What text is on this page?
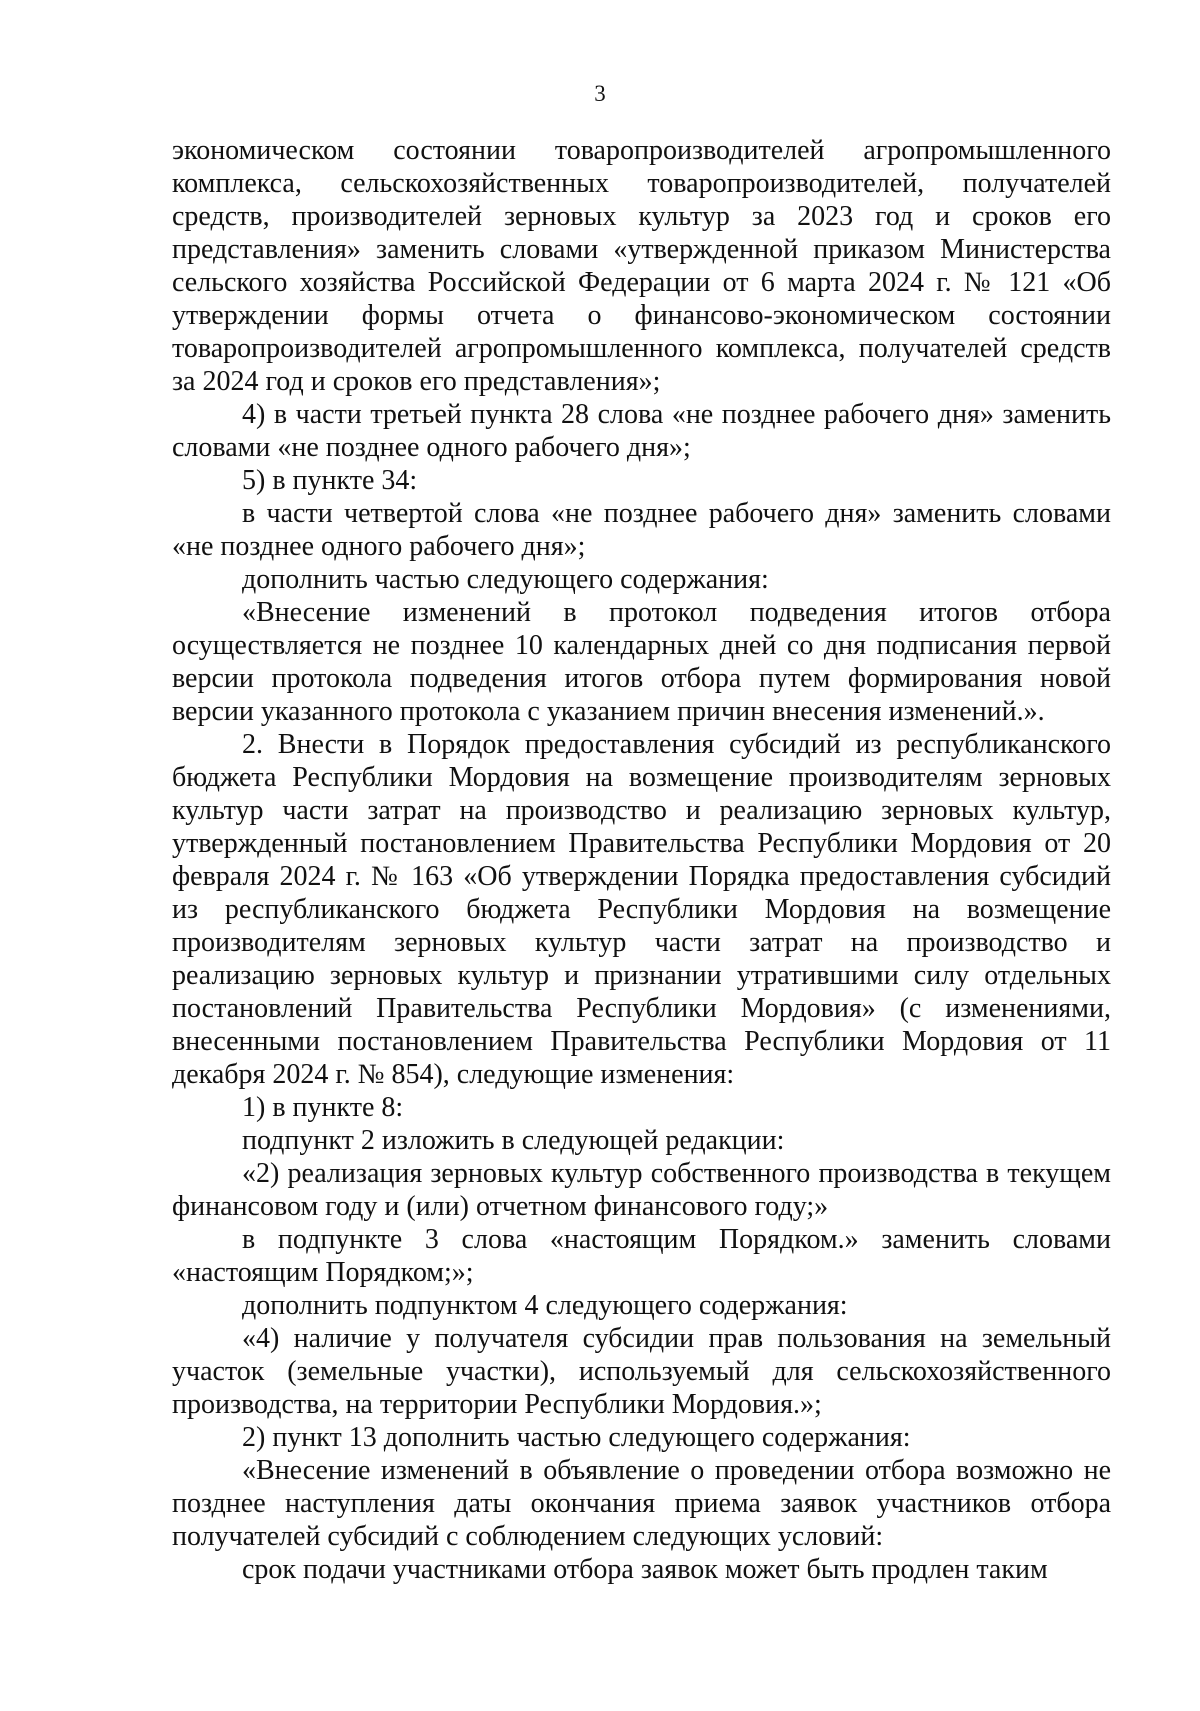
3

экономическом состоянии товаропроизводителей агропромышленного комплекса, сельскохозяйственных товаропроизводителей, получателей средств, производителей зерновых культур за 2023 год и сроков его представления» заменить словами «утвержденной приказом Министерства сельского хозяйства Российской Федерации от 6 марта 2024 г. № 121 «Об утверждении формы отчета о финансово-экономическом состоянии товаропроизводителей агропромышленного комплекса, получателей средств за 2024 год и сроков его представления»;

4) в части третьей пункта 28 слова «не позднее рабочего дня» заменить словами «не позднее одного рабочего дня»;

5) в пункте 34:

в части четвертой слова «не позднее рабочего дня» заменить словами «не позднее одного рабочего дня»;

дополнить частью следующего содержания:

«Внесение изменений в протокол подведения итогов отбора осуществляется не позднее 10 календарных дней со дня подписания первой версии протокола подведения итогов отбора путем формирования новой версии указанного протокола с указанием причин внесения изменений.».

2. Внести в Порядок предоставления субсидий из республиканского бюджета Республики Мордовия на возмещение производителям зерновых культур части затрат на производство и реализацию зерновых культур, утвержденный постановлением Правительства Республики Мордовия от 20 февраля 2024 г. № 163 «Об утверждении Порядка предоставления субсидий из республиканского бюджета Республики Мордовия на возмещение производителям зерновых культур части затрат на производство и реализацию зерновых культур и признании утратившими силу отдельных постановлений Правительства Республики Мордовия» (с изменениями, внесенными постановлением Правительства Республики Мордовия от 11 декабря 2024 г. № 854), следующие изменения:

1) в пункте 8:

подпункт 2 изложить в следующей редакции:

«2) реализация зерновых культур собственного производства в текущем финансовом году и (или) отчетном финансового году;»

в подпункте 3 слова «настоящим Порядком.» заменить словами «настоящим Порядком;»;

дополнить подпунктом 4 следующего содержания:

«4) наличие у получателя субсидии прав пользования на земельный участок (земельные участки), используемый для сельскохозяйственного производства, на территории Республики Мордовия.»;

2) пункт 13 дополнить частью следующего содержания:

«Внесение изменений в объявление о проведении отбора возможно не позднее наступления даты окончания приема заявок участников отбора получателей субсидий с соблюдением следующих условий:

срок подачи участниками отбора заявок может быть продлен таким
